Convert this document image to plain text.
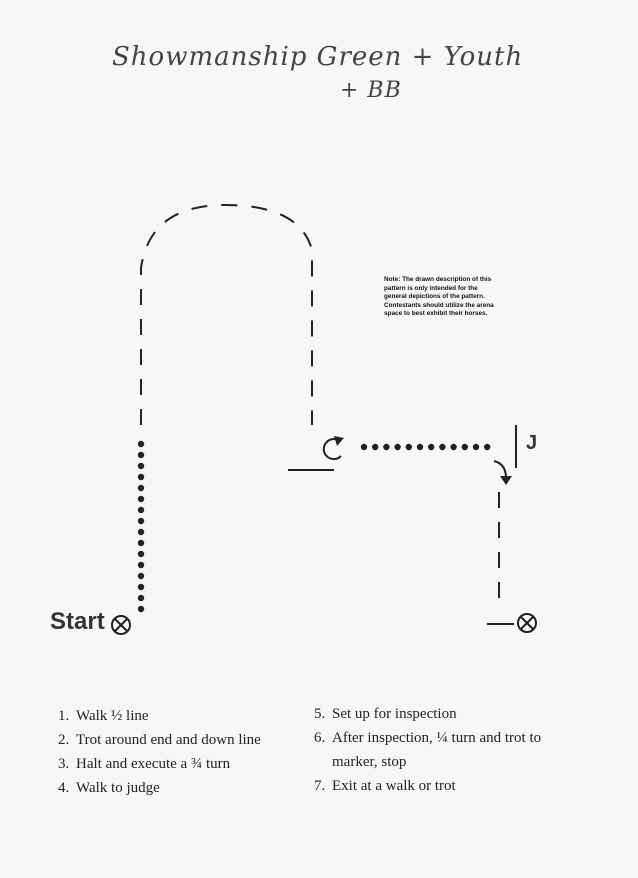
Showmanship Green + Youth
+ BB
Note: The drawn description of this pattern is only intended for the general depictions of the pattern. Contestants should utilize the arena space to best exhibit their horses.
Start
J
1. Walk ½ line
2. Trot around end and down line
3. Halt and execute a ¾ turn
4. Walk to judge
5. Set up for inspection
6. After inspection, ¼ turn and trot to
marker, stop
7. Exit at a walk or trot
